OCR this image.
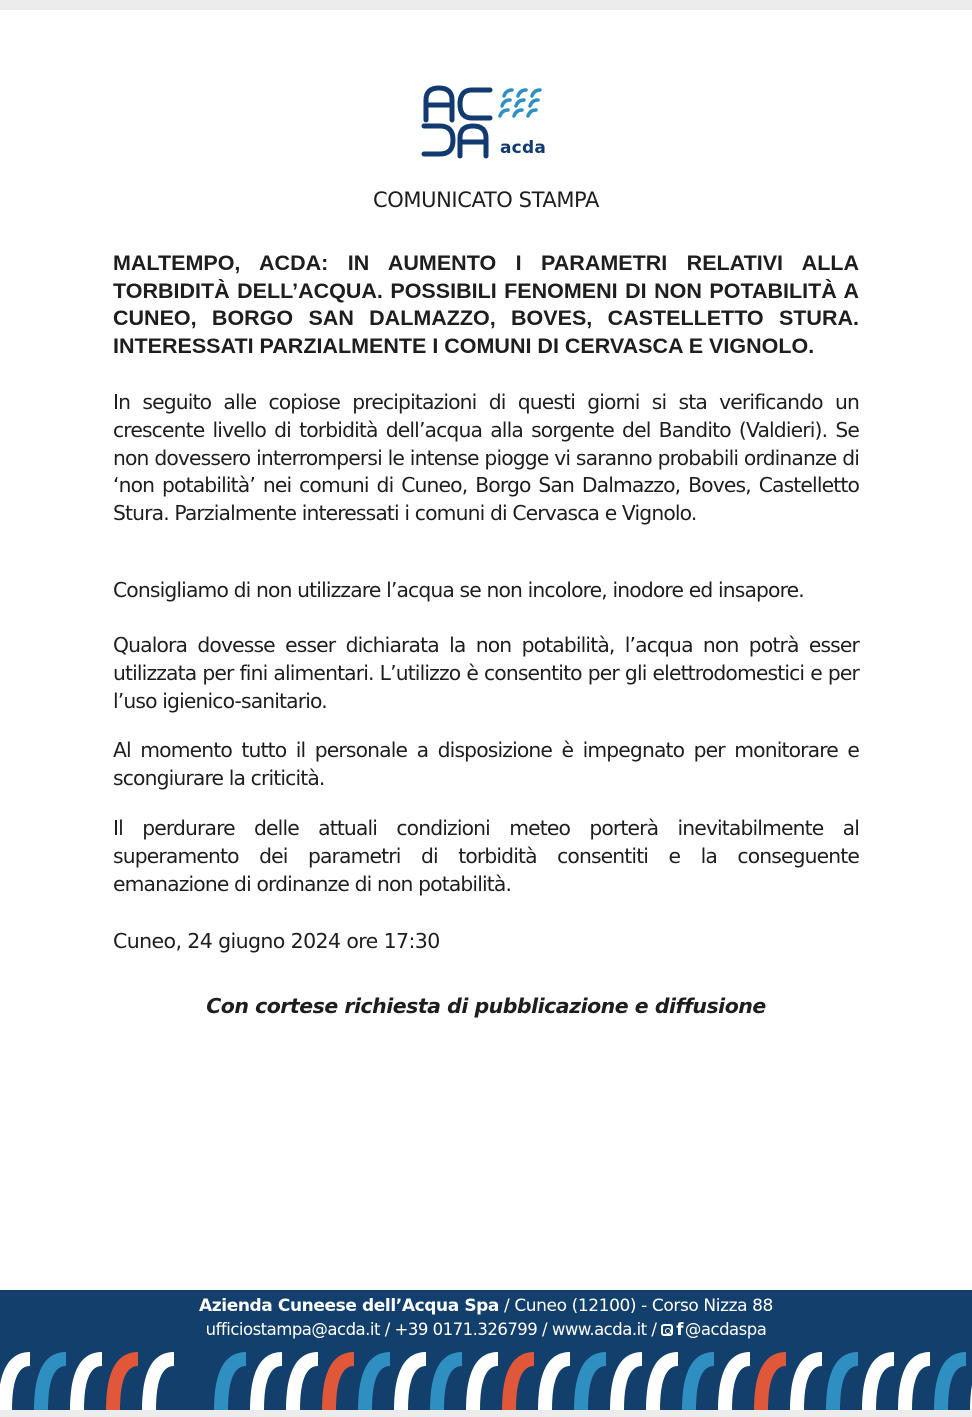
acda
COMUNICATO STAMPA
MALTEMPO, ACDA: IN AUMENTO I PARAMETRI RELATIVI ALLA TORBIDITÀ DELL’ACQUA. POSSIBILI FENOMENI DI NON POTABILITÀ A CUNEO, BORGO SAN DALMAZZO, BOVES, CASTELLETTO STURA. INTERESSATI PARZIALMENTE I COMUNI DI CERVASCA E VIGNOLO.

In seguito alle copiose precipitazioni di questi giorni si sta verificando un crescente livello di torbidità dell’acqua alla sorgente del Bandito (Valdieri). Se non dovessero interrompersi le intense piogge vi saranno probabili ordinanze di ‘non potabilità’ nei comuni di Cuneo, Borgo San Dalmazzo, Boves, Castelletto Stura. Parzialmente interessati i comuni di Cervasca e Vignolo.

Consigliamo di non utilizzare l’acqua se non incolore, inodore ed insapore.

Qualora dovesse esser dichiarata la non potabilità, l’acqua non potrà esser utilizzata per fini alimentari. L’utilizzo è consentito per gli elettrodomestici e per l’uso igienico-sanitario.

Al momento tutto il personale a disposizione è impegnato per monitorare e scongiurare la criticità.

Il perdurare delle attuali condizioni meteo porterà inevitabilmente al superamento dei parametri di torbidità consentiti e la conseguente emanazione di ordinanze di non potabilità.

Cuneo, 24 giugno 2024 ore 17:30
Con cortese richiesta di pubblicazione e diffusione
Azienda Cuneese dell’Acqua Spa / Cuneo (12100) - Corso Nizza 88
ufficiostampa@acda.it / +39 0171.326799 / www.acda.it / f @acdaspa
